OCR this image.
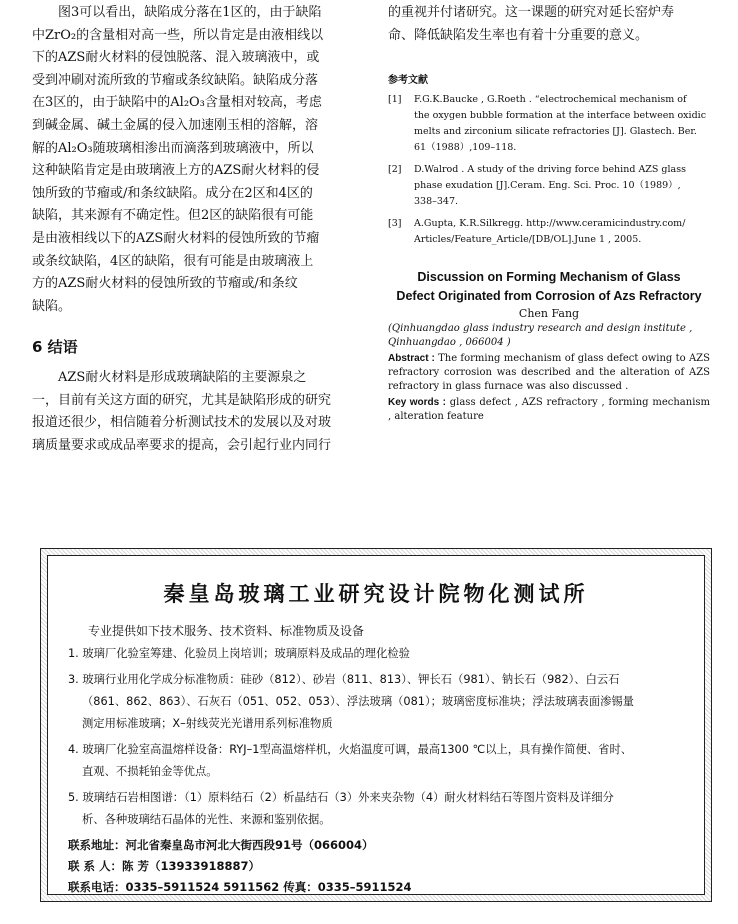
图3可以看出，缺陷成分落在1区的，由于缺陷
中ZrO₂的含量相对高一些，所以肯定是由液相线以
下的AZS耐火材料的侵蚀脱落、混入玻璃液中，或
受到冲刷对流所致的节瘤或条纹缺陷。缺陷成分落
在3区的，由于缺陷中的Al₂O₃含量相对较高，考虑
到碱金属、碱土金属的侵入加速刚玉相的溶解，溶
解的Al₂O₃随玻璃相渗出而滴落到玻璃液中，所以
这种缺陷肯定是由玻璃液上方的AZS耐火材料的侵
蚀所致的节瘤或/和条纹缺陷。成分在2区和4区的
缺陷，其来源有不确定性。但2区的缺陷很有可能
是由液相线以下的AZS耐火材料的侵蚀所致的节瘤
或条纹缺陷，4区的缺陷，很有可能是由玻璃液上
方的AZS耐火材料的侵蚀所致的节瘤或/和条纹
缺陷。

6 结语

AZS耐火材料是形成玻璃缺陷的主要源泉之
一，目前有关这方面的研究，尤其是缺陷形成的研究
报道还很少，相信随着分析测试技术的发展以及对玻
璃质量要求或成品率要求的提高，会引起行业内同行

的重视并付诸研究。这一课题的研究对延长窑炉寿
命、降低缺陷发生率也有着十分重要的意义。

参考文献
[1]	F.G.K.Baucke , G.Roeth . “electrochemical mechanism of
the oxygen bubble formation at the interface between oxidic
melts and zirconium silicate refractories [J]. Glastech. Ber.
61（1988）,109–118.
[2]	D.Walrod . A study of the driving force behind AZS glass
phase exudation [J].Ceram. Eng. Sci. Proc. 10（1989）,
338–347.
[3]	A.Gupta, K.R.Silkregg. http://www.ceramicindustry.com/
Articles/Feature_Article/[DB/OL].June 1 , 2005.
Discussion on Forming Mechanism of Glass
Defect Originated from Corrosion of Azs Refractory
Chen Fang
(Qinhuangdao glass industry research and design institute ,
Qinhuangdao , 066004 )
Abstract : The forming mechanism of glass defect owing to AZS refractory corrosion was described and the alteration of AZS refractory in glass furnace was also discussed .
Key words : glass defect , AZS refractory , forming mechanism , alteration feature
秦皇岛玻璃工业研究设计院物化测试所
专业提供如下技术服务、技术资料、标准物质及设备
1. 玻璃厂化验室筹建、化验员上岗培训；玻璃原料及成品的理化检验
3. 玻璃行业用化学成分标准物质：硅砂（812）、砂岩（811、813）、钾长石（981）、钠长石（982）、白云石
（861、862、863）、石灰石（051、052、053）、浮法玻璃（081）；玻璃密度标准块；浮法玻璃表面渗锡量
测定用标准玻璃；X–射线荧光光谱用系列标准物质
4. 玻璃厂化验室高温熔样设备：RYJ–1型高温熔样机，火焰温度可调，最高1300 ℃以上，具有操作简便、省时、
直观、不损耗铂金等优点。
5. 玻璃结石岩相图谱：（1）原料结石（2）析晶结石（3）外来夹杂物（4）耐火材料结石等图片资料及详细分
析、各种玻璃结石晶体的光性、来源和鉴别依据。
联系地址：河北省秦皇岛市河北大街西段91号（066004）
联 系 人：陈 芳（13933918887）
联系电话：0335–5911524 5911562 传真：0335–5911524
